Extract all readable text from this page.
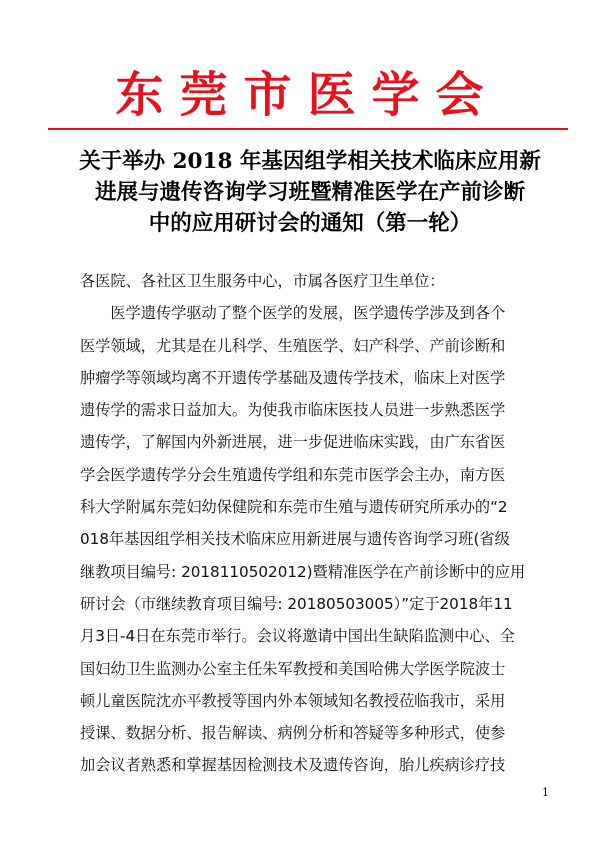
东莞市医学会
关于举办 2018 年基因组学相关技术临床应用新
进展与遗传咨询学习班暨精准医学在产前诊断
中的应用研讨会的通知（第一轮）
各医院、各社区卫生服务中心，市属各医疗卫生单位：
　　医学遗传学驱动了整个医学的发展，医学遗传学涉及到各个
医学领域，尤其是在儿科学、生殖医学、妇产科学、产前诊断和
肿瘤学等领域均离不开遗传学基础及遗传学技术，临床上对医学
遗传学的需求日益加大。为使我市临床医技人员进一步熟悉医学
遗传学，了解国内外新进展，进一步促进临床实践，由广东省医
学会医学遗传学分会生殖遗传学组和东莞市医学会主办，南方医
科大学附属东莞妇幼保健院和东莞市生殖与遗传研究所承办的“2
018年基因组学相关技术临床应用新进展与遗传咨询学习班(省级
继教项目编号: 2018110502012)暨精准医学在产前诊断中的应用
研讨会（市继续教育项目编号: 20180503005）”定于2018年11
月3日-4日在东莞市举行。会议将邀请中国出生缺陷监测中心、全
国妇幼卫生监测办公室主任朱军教授和美国哈佛大学医学院波士
顿儿童医院沈亦平教授等国内外本领域知名教授莅临我市，采用
授课、数据分析、报告解读、病例分析和答疑等多种形式，使参
加会议者熟悉和掌握基因检测技术及遗传咨询，胎儿疾病诊疗技
1
